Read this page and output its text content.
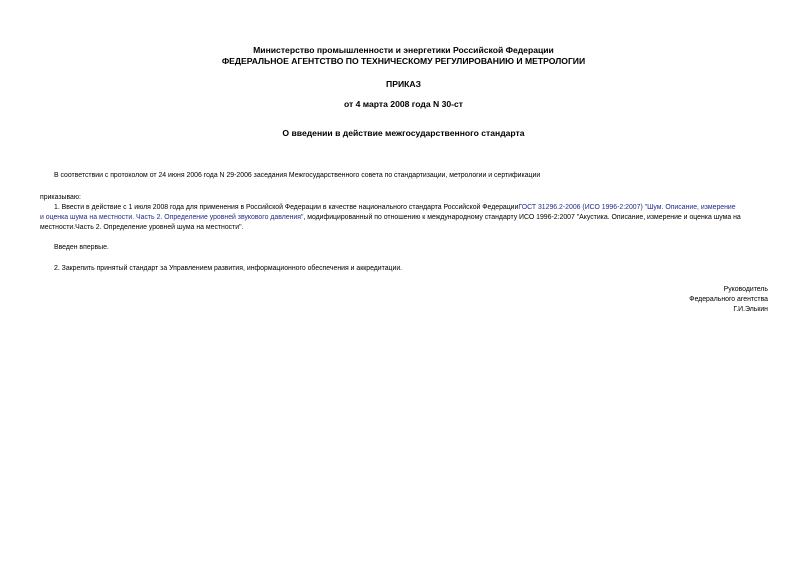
Министерство промышленности и энергетики Российской Федерации
ФЕДЕРАЛЬНОЕ АГЕНТСТВО ПО ТЕХНИЧЕСКОМУ РЕГУЛИРОВАНИЮ И МЕТРОЛОГИИ
ПРИКАЗ
от 4 марта 2008 года N 30-ст
О введении в действие межгосударственного стандарта
В соответствии с протоколом от 24 июня 2006 года N 29-2006 заседания Межгосударственного совета по стандартизации, метрологии и сертификации
приказываю:
1. Ввести в действие с 1 июля 2008 года для применения в Российской Федерации в качестве национального стандарта Российской ФедерацииГОСТ 31296.2-2006 (ИСО 1996-2:2007) "Шум. Описание, измерение
и оценка шума на местности. Часть 2. Определение уровней звукового давления", модифицированный по отношению к международному стандарту ИСО 1996-2:2007 "Акустика. Описание, измерение и оценка шума на
местности.Часть 2. Определение уровней шума на местности".
Введен впервые.
2. Закрепить принятый стандарт за Управлением развития, информационного обеспечения и аккредитации.
Руководитель
Федерального агентства
Г.И.Элькин
